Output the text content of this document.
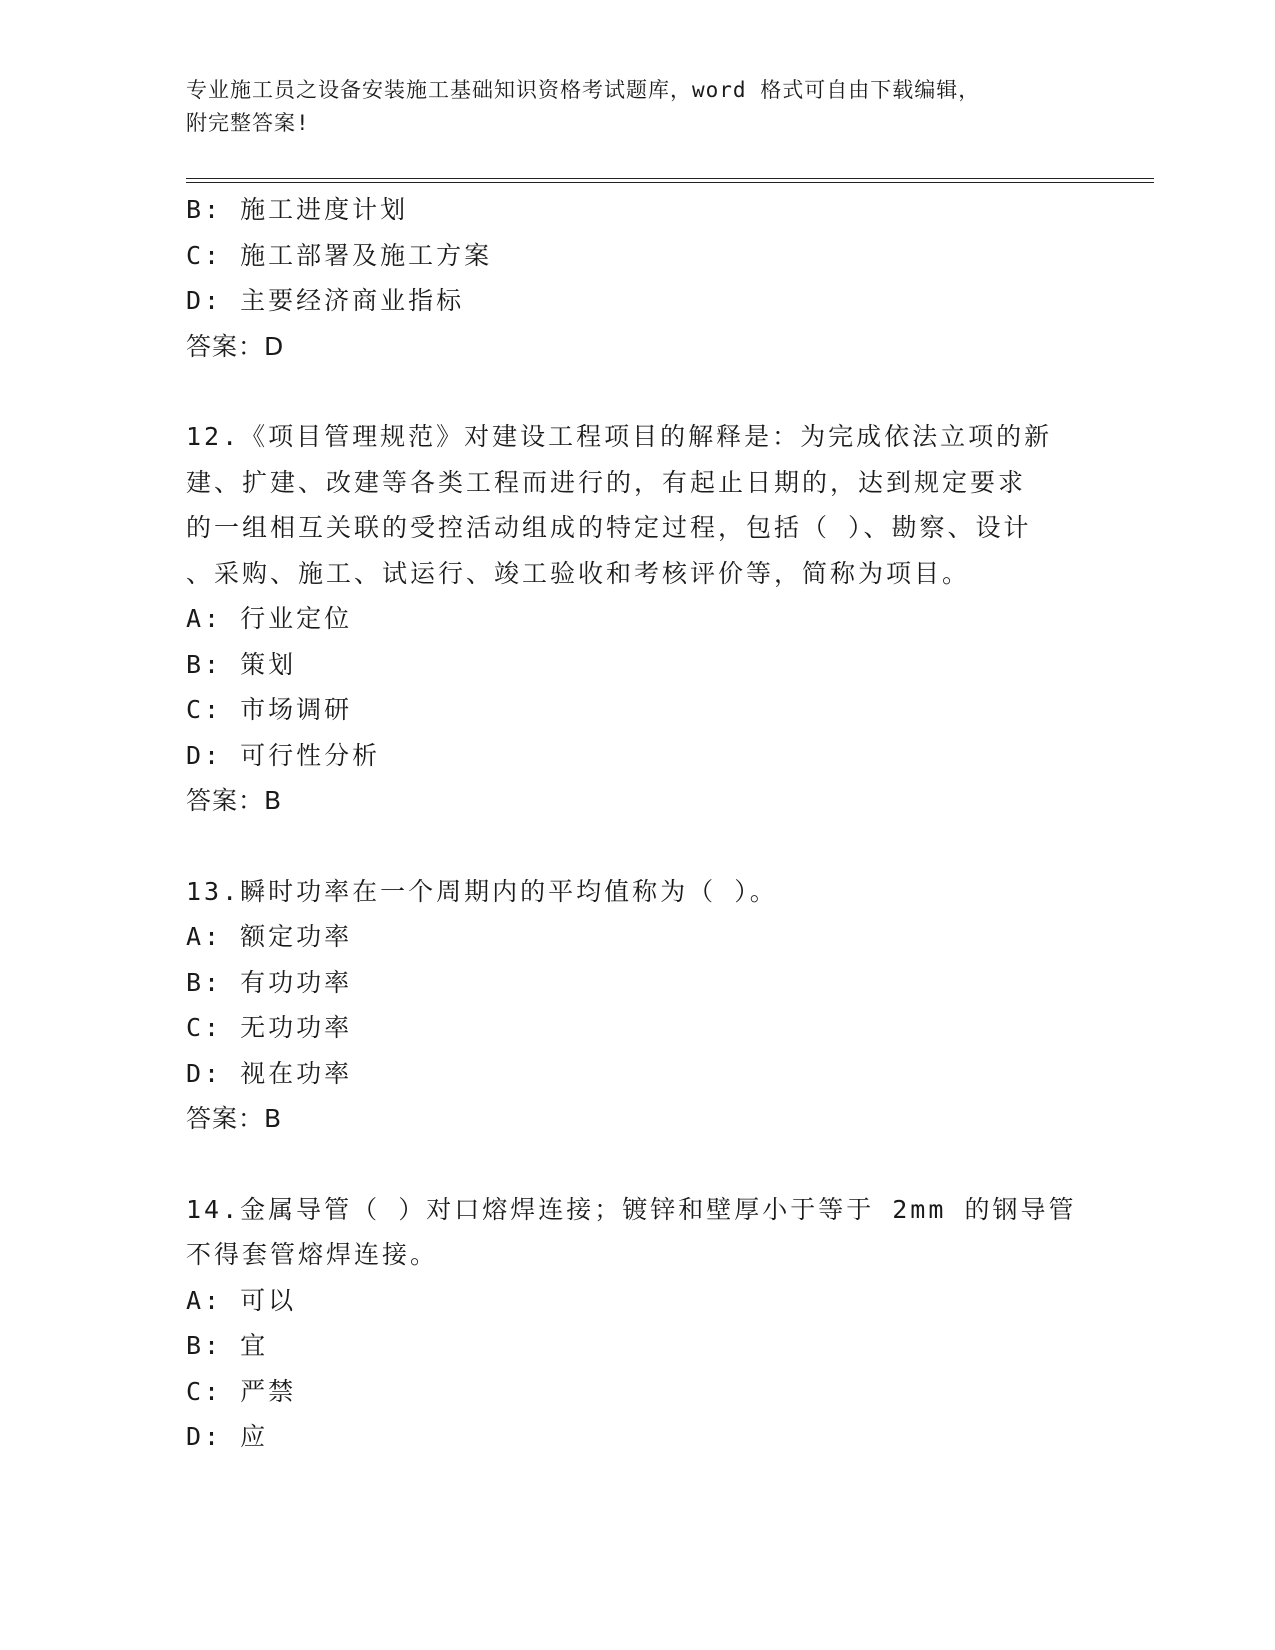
专业施工员之设备安装施工基础知识资格考试题库，word 格式可自由下载编辑，
附完整答案!
B: 施工进度计划
C: 施工部署及施工方案
D: 主要经济商业指标
答案：D
12.《项目管理规范》对建设工程项目的解释是：为完成依法立项的新
建、扩建、改建等各类工程而进行的，有起止日期的，达到规定要求
的一组相互关联的受控活动组成的特定过程，包括（ ）、勘察、设计
、采购、施工、试运行、竣工验收和考核评价等，简称为项目。
A: 行业定位
B: 策划
C: 市场调研
D: 可行性分析
答案：B
13.瞬时功率在一个周期内的平均值称为（ ）。
A: 额定功率
B: 有功功率
C: 无功功率
D: 视在功率
答案：B
14.金属导管（ ）对口熔焊连接；镀锌和壁厚小于等于 2mm 的钢导管
不得套管熔焊连接。
A: 可以
B: 宜
C: 严禁
D: 应
